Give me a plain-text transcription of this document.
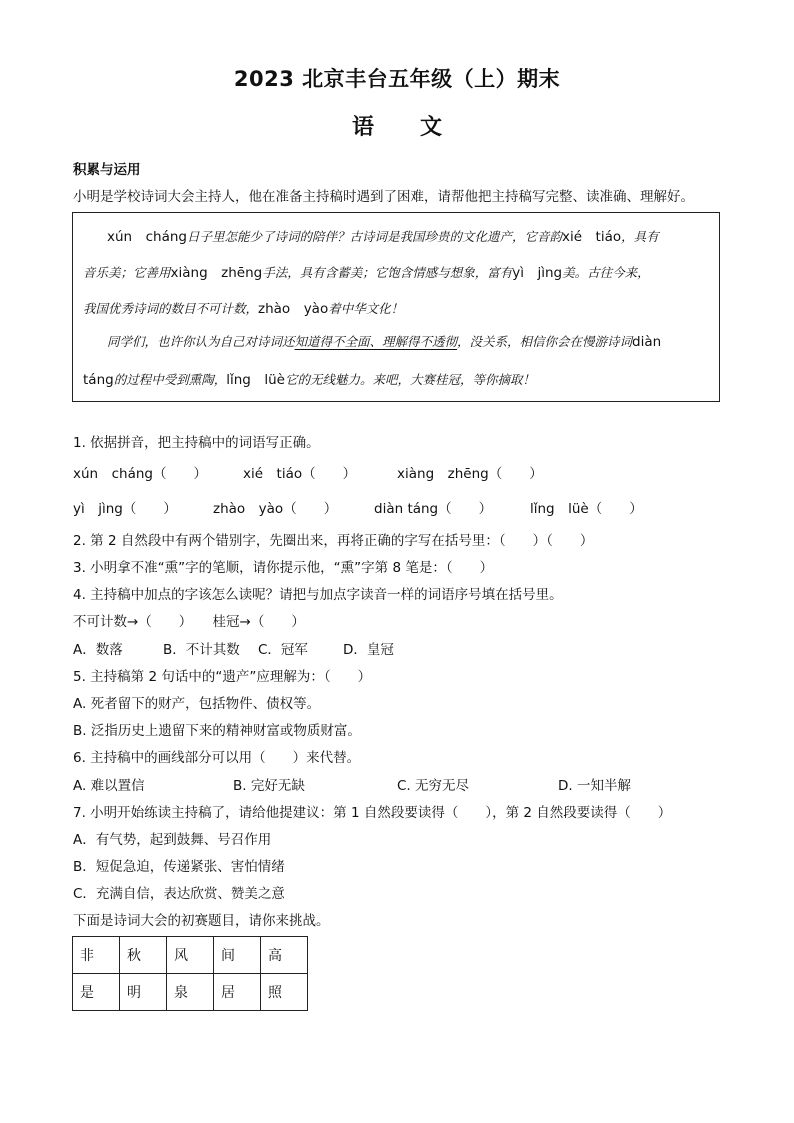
2023 北京丰台五年级（上）期末
语 文
积累与运用
小明是学校诗词大会主持人，他在准备主持稿时遇到了困难，请帮他把主持稿写完整、读准确、理解好。
xún　cháng日子里怎能少了诗词的陪伴？古诗词是我国珍贵的文化遗产，它音韵xié　tiáo，具有
音乐美；它善用xiàng　zhēng手法，具有含蓄美；它饱含情感与想象，富有yì　jìng美。古往今来，
我国优秀诗词的数目不可计数，zhào　yào着中华文化！
同学们，也许你认为自己对诗词还知道得不全面、理解得不透彻，没关系，相信你会在慢游诗词diàn
táng的过程中受到熏陶，lǐng　lüè它的无线魅力。来吧，大赛桂冠，等你摘取！
1. 依据拼音，把主持稿中的词语写正确。
xún　cháng（　　）	xié　tiáo（　　）	xiàng　zhēng（　　）
yì　jìng（　　）	zhào　yào（　　）	diàn táng（　　）	lǐng　lüè（　　）
2. 第 2 自然段中有两个错别字，先圈出来，再将正确的字写在括号里：（　　）（　　）
3. 小明拿不准“熏”字的笔顺，请你提示他，“熏”字第 8 笔是：（　　）
4. 主持稿中加点的字该怎么读呢？请把与加点字读音一样的词语序号填在括号里。
不可计数→（　　）　　桂冠→（　　）
A．数落	B．不计其数 C．冠军	D．皇冠
5. 主持稿第 2 句话中的“遗产”应理解为：（　　）
A. 死者留下的财产，包括物件、债权等。
B. 泛指历史上遗留下来的精神财富或物质财富。
6. 主持稿中的画线部分可以用（　　）来代替。
A. 难以置信	B. 完好无缺	C. 无穷无尽	D. 一知半解
7. 小明开始练读主持稿了，请给他提建议：第 1 自然段要读得（　　），第 2 自然段要读得（　　）
A．有气势，起到鼓舞、号召作用
B．短促急迫，传递紧张、害怕情绪
C．充满自信，表达欣赏、赞美之意
下面是诗词大会的初赛题目，请你来挑战。
非	秋	风	间	高
是	明	泉	居	照
